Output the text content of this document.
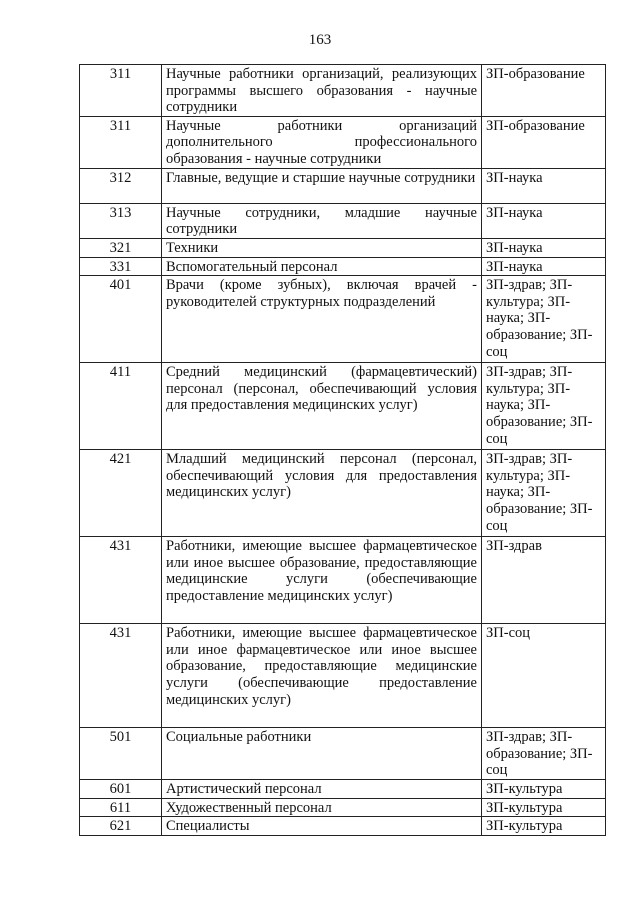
163
311	Научные работники организаций, реализующих программы высшего образования - научные сотрудники	ЗП-образование
311	Научные работники организаций дополнительного профессионального образования - научные сотрудники	ЗП-образование
312	Главные, ведущие и старшие научные сотрудники	ЗП-наука
313	Научные сотрудники, младшие научные сотрудники	ЗП-наука
321	Техники	ЗП-наука
331	Вспомогательный персонал	ЗП-наука
401	Врачи (кроме зубных), включая врачей - руководителей структурных подразделений	ЗП-здрав; ЗП-культура; ЗП-наука; ЗП-образование; ЗП-соц
411	Средний медицинский (фармацевтический) персонал (персонал, обеспечивающий условия для предоставления медицинских услуг)	ЗП-здрав; ЗП-культура; ЗП-наука; ЗП-образование; ЗП-соц
421	Младший медицинский персонал (персонал, обеспечивающий условия для предоставления медицинских услуг)	ЗП-здрав; ЗП-культура; ЗП-наука; ЗП-образование; ЗП-соц
431	Работники, имеющие высшее фармацевтическое или иное высшее образование, предоставляющие медицинские услуги (обеспечивающие предоставление медицинских услуг)	ЗП-здрав
431	Работники, имеющие высшее фармацевтическое или иное фармацевтическое или иное высшее образование, предоставляющие медицинские услуги (обеспечивающие предоставление медицинских услуг)	ЗП-соц
501	Социальные работники	ЗП-здрав; ЗП-образование; ЗП-соц
601	Артистический персонал	ЗП-культура
611	Художественный персонал	ЗП-культура
621	Специалисты	ЗП-культура
